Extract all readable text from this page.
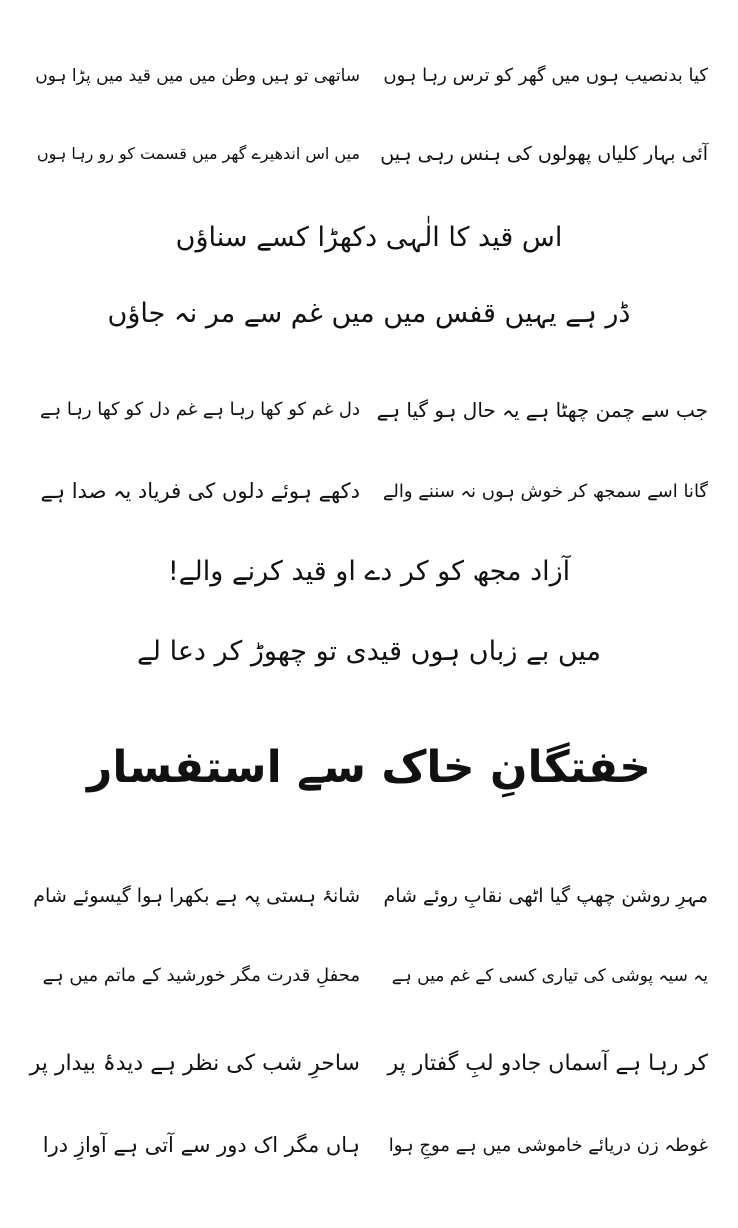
کیا بدنصیب ہوں میں گھر کو ترس رہا ہوں
ساتھی تو ہیں وطن میں میں قید میں پڑا ہوں
آئی بہار کلیاں پھولوں کی ہنس رہی ہیں
میں اس اندھیرے گھر میں قسمت کو رو رہا ہوں
اس قید کا الٰہی دکھڑا کسے سناؤں
ڈر ہے یہیں قفس میں میں غم سے مر نہ جاؤں
جب سے چمن چھٹا ہے یہ حال ہو گیا ہے
دل غم کو کھا رہا ہے غم دل کو کھا رہا ہے
گانا اسے سمجھ کر خوش ہوں نہ سننے والے
دکھے ہوئے دلوں کی فریاد یہ صدا ہے
آزاد مجھ کو کر دے او قید کرنے والے!
میں بے زباں ہوں قیدی تو چھوڑ کر دعا لے
خفتگانِ خاک سے استفسار
مہرِ روشن چھپ گیا اٹھی نقابِ روئے شام
شانۂ ہستی پہ ہے بکھرا ہوا گیسوئے شام
یہ سیہ پوشی کی تیاری کسی کے غم میں ہے
محفلِ قدرت مگر خورشید کے ماتم میں ہے
کر رہا ہے آسماں جادو لبِ گفتار پر
ساحرِ شب کی نظر ہے دیدۂ بیدار پر
غوطہ زن دریائے خاموشی میں ہے موجِ ہوا
ہاں مگر اک دور سے آتی ہے آوازِ درا
